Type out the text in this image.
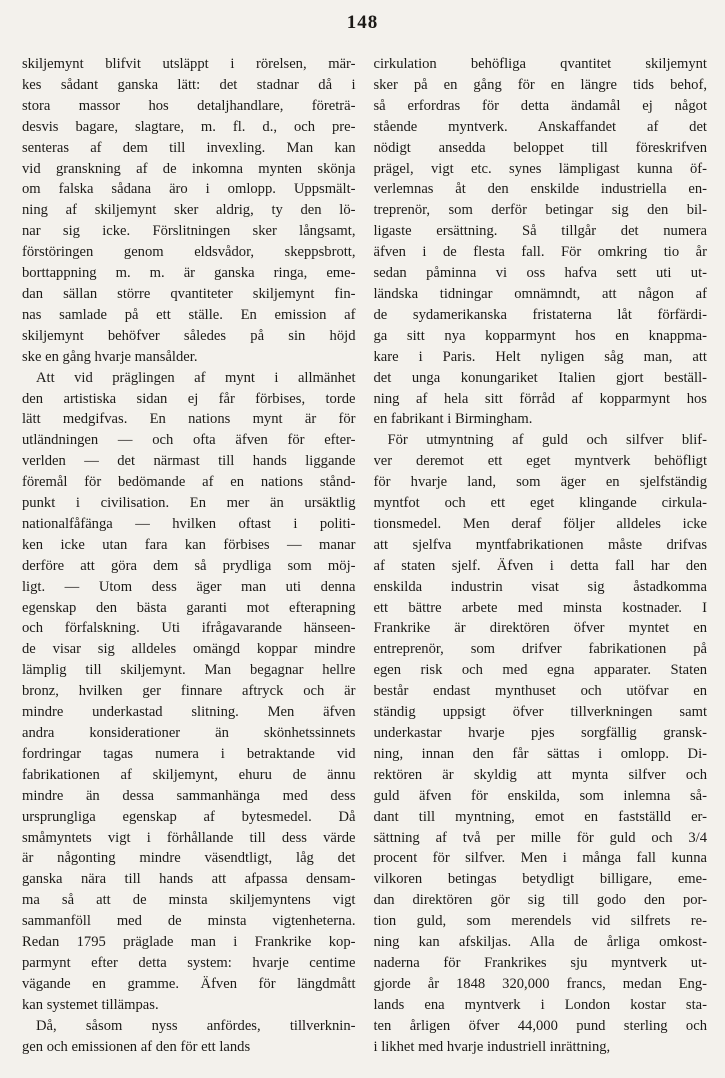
148
skiljemynt blifvit utsläppt i rörelsen, mär-
kes sådant ganska lätt: det stadnar då i
stora massor hos detaljhandlare, företrä-
desvis bagare, slagtare, m. fl. d., och pre-
senteras af dem till invexling. Man kan
vid granskning af de inkomna mynten skönja
om falska sådana äro i omlopp. Uppsmält-
ning af skiljemynt sker aldrig, ty den lö-
nar sig icke. Förslitningen sker långsamt,
förstöringen genom eldsvådor, skeppsbrott,
borttappning m. m. är ganska ringa, eme-
dan sällan större qvantiteter skiljemynt fin-
nas samlade på ett ställe. En emission af
skiljemynt behöfver således på sin höjd
ske en gång hvarje mansålder.
Att vid präglingen af mynt i allmänhet
den artistiska sidan ej får förbises, torde
lätt medgifvas. En nations mynt är för
utländningen — och ofta äfven för efter-
verlden — det närmast till hands liggande
föremål för bedömande af en nations stånd-
punkt i civilisation. En mer än ursäktlig
nationalfåfänga — hvilken oftast i politi-
ken icke utan fara kan förbises — manar
derföre att göra dem så prydliga som möj-
ligt. — Utom dess äger man uti denna
egenskap den bästa garanti mot efterapning
och förfalskning. Uti ifrågavarande hänseen-
de visar sig alldeles omängd koppar mindre
lämplig till skiljemynt. Man begagnar hellre
bronz, hvilken ger finnare aftryck och är
mindre underkastad slitning. Men äfven
andra konsiderationer än skönhetssinnets
fordringar tagas numera i betraktande vid
fabrikationen af skiljemynt, ehuru de ännu
mindre än dessa sammanhänga med dess
ursprungliga egenskap af bytesmedel. Då
småmyntets vigt i förhållande till dess värde
är någonting mindre väsendtligt, låg det
ganska nära till hands att afpassa densam-
ma så att de minsta skiljemyntens vigt
sammanföll med de minsta vigtenheterna.
Redan 1795 präglade man i Frankrike kop-
parmynt efter detta system: hvarje centime
vägande en gramme. Äfven för längdmått
kan systemet tillämpas.
Då, såsom nyss anfördes, tillverknin-
gen och emissionen af den för ett lands
cirkulation behöfliga qvantitet skiljemynt
sker på en gång för en längre tids behof,
så erfordras för detta ändamål ej något
stående myntverk. Anskaffandet af det
nödigt ansedda beloppet till föreskrifven
prägel, vigt etc. synes lämpligast kunna öf-
verlemnas åt den enskilde industriella en-
treprenör, som derför betingar sig den bil-
ligaste ersättning. Så tillgår det numera
äfven i de flesta fall. För omkring tio år
sedan påminna vi oss hafva sett uti ut-
ländska tidningar omnämndt, att någon af
de sydamerikanska fristaterna låt förfärdi-
ga sitt nya kopparmynt hos en knappma-
kare i Paris. Helt nyligen såg man, att
det unga konungariket Italien gjort beställ-
ning af hela sitt förråd af kopparmynt hos
en fabrikant i Birmingham.
För utmyntning af guld och silfver blif-
ver deremot ett eget myntverk behöfligt
för hvarje land, som äger en sjelfständig
myntfot och ett eget klingande cirkula-
tionsmedel. Men deraf följer alldeles icke
att sjelfva myntfabrikationen måste drifvas
af staten sjelf. Äfven i detta fall har den
enskilda industrin visat sig åstadkomma
ett bättre arbete med minsta kostnader. I
Frankrike är direktören öfver myntet en
entreprenör, som drifver fabrikationen på
egen risk och med egna apparater. Staten
består endast mynthuset och utöfvar en
ständig uppsigt öfver tillverkningen samt
underkastar hvarje pjes sorgfällig gransk-
ning, innan den får sättas i omlopp. Di-
rektören är skyldig att mynta silfver och
guld äfven för enskilda, som inlemna så-
dant till myntning, emot en fastställd er-
sättning af två per mille för guld och 3/4
procent för silfver. Men i många fall kunna
vilkoren betingas betydligt billigare, eme-
dan direktören gör sig till godo den por-
tion guld, som merendels vid silfrets re-
ning kan afskiljas. Alla de årliga omkost-
naderna för Frankrikes sju myntverk ut-
gjorde år 1848 320,000 francs, medan Eng-
lands ena myntverk i London kostar sta-
ten årligen öfver 44,000 pund sterling och
i likhet med hvarje industriell inrättning,
